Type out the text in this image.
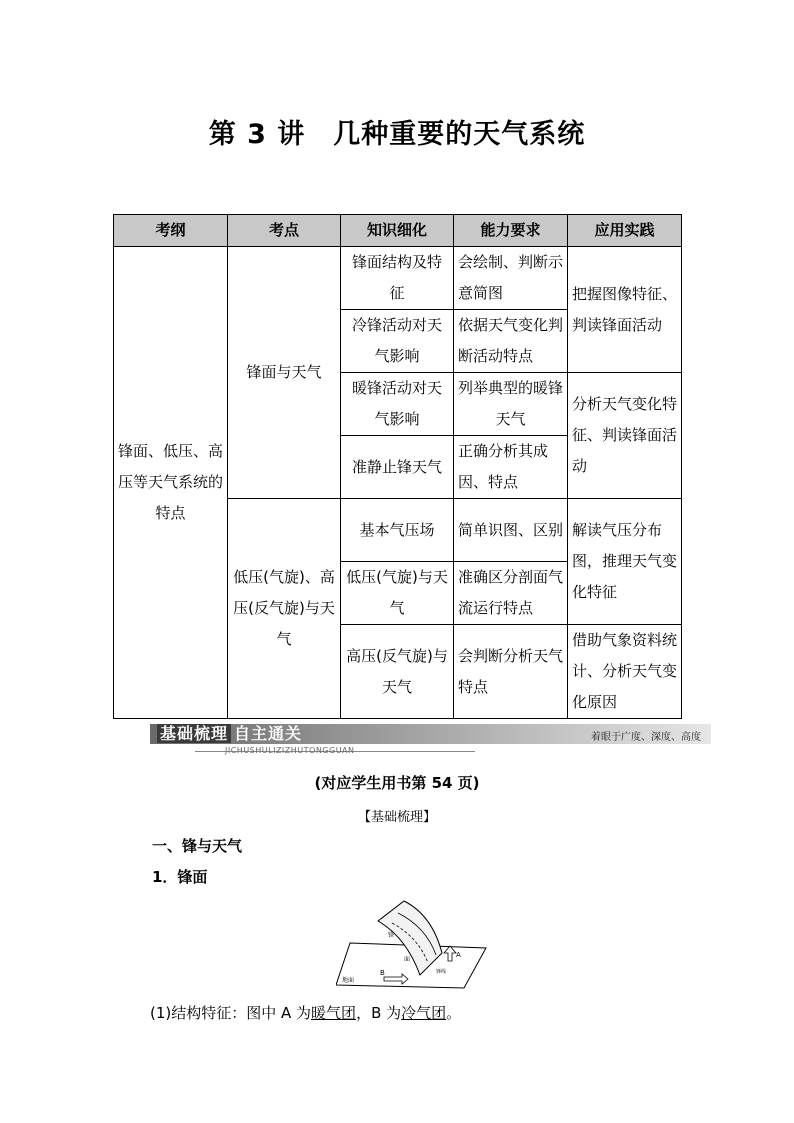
第 3 讲　几种重要的天气系统
考纲	考点	知识细化	能力要求	应用实践
锋面、低压、高压等天气系统的特点	锋面与天气	锋面结构及特征	会绘制、判断示意简图	把握图像特征、判读锋面活动
		冷锋活动对天气影响	依据天气变化判断活动特点	
		暖锋活动对天气影响	列举典型的暖锋天气	分析天气变化特征、判读锋面活动
		准静止锋天气	正确分析其成因、特点	
	低压(气旋)、高压(反气旋)与天气	基本气压场	简单识图、区别	解读气压分布图，推理天气变化特征
		低压(气旋)与天气	准确区分剖面气流运行特点	
		高压(反气旋)与天气	会判断分析天气特点	借助气象资料统计、分析天气变化原因
基础梳理 自主通关
JICHUSHULIZIZHUTONGGUAN
着眼于广度、深度、高度
(对应学生用书第 54 页)
【基础梳理】
一、锋与天气
1．锋面
地面
B
A
锋
面
锋线
(1)结构特征：图中 A 为暖气团，B 为冷气团。
